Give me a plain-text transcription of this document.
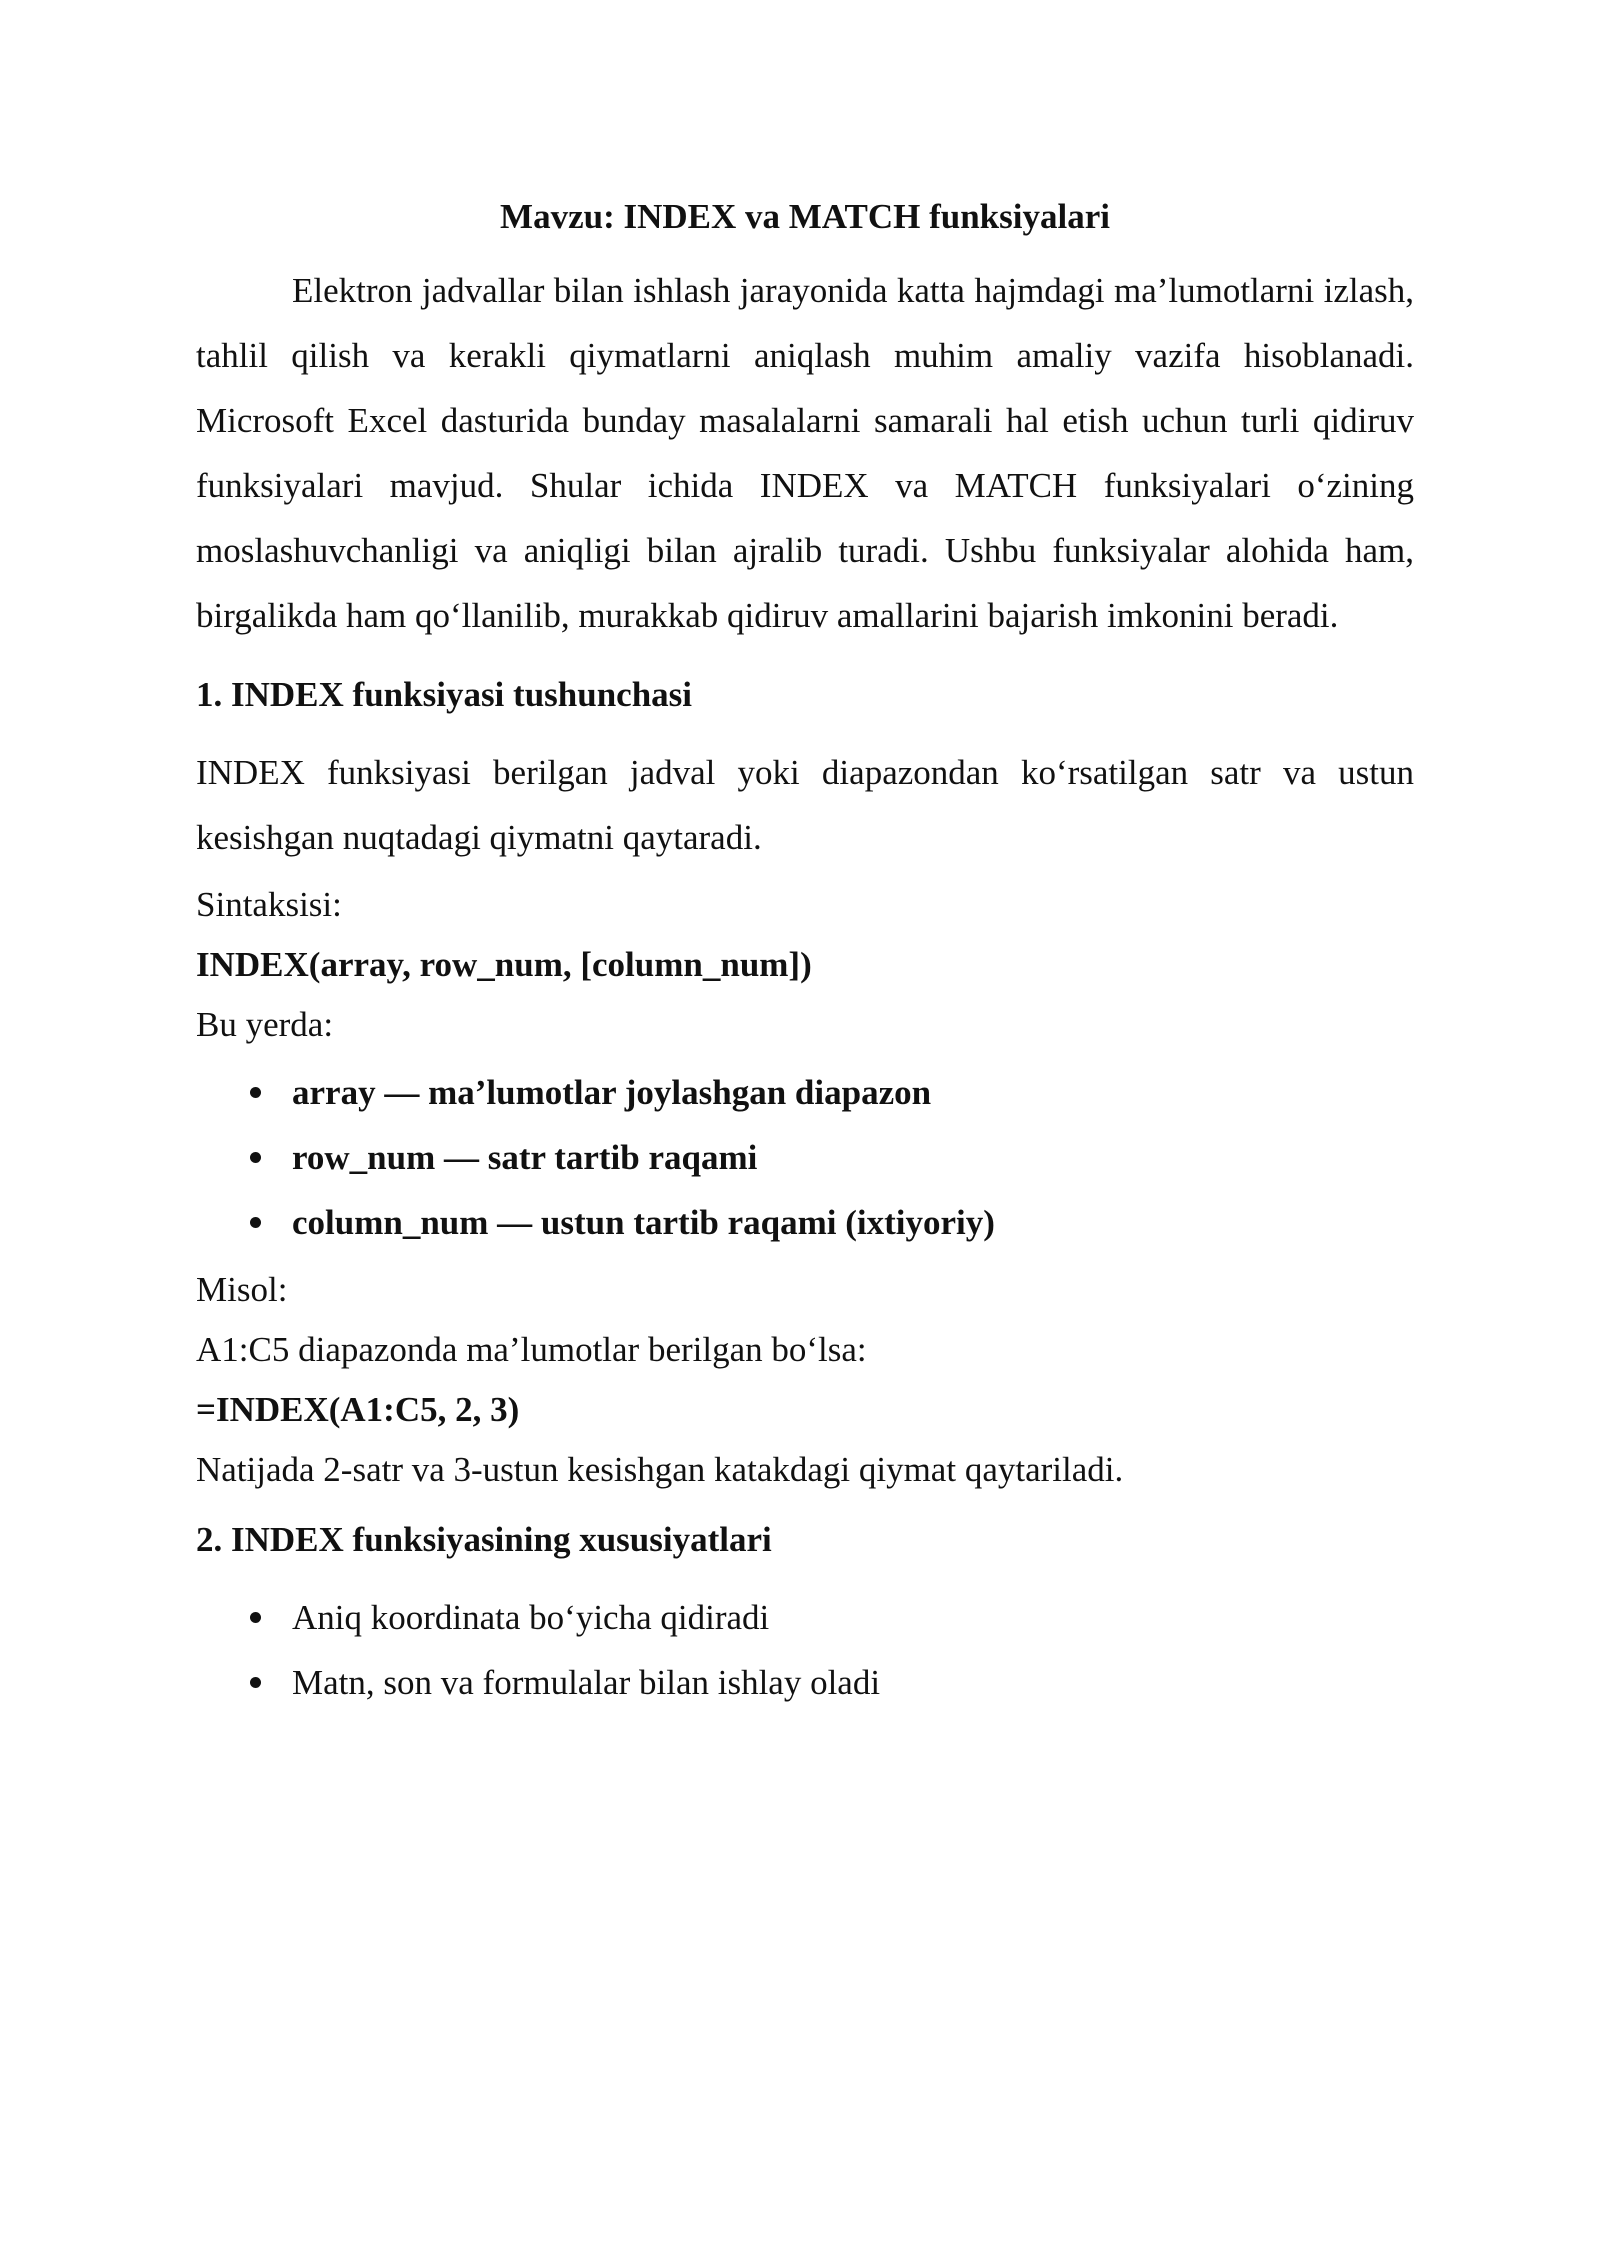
Mavzu: INDEX va MATCH funksiyalari

Elektron jadvallar bilan ishlash jarayonida katta hajmdagi ma’lumotlarni izlash, tahlil qilish va kerakli qiymatlarni aniqlash muhim amaliy vazifa hisoblanadi. Microsoft Excel dasturida bunday masalalarni samarali hal etish uchun turli qidiruv funksiyalari mavjud. Shular ichida INDEX va MATCH funksiyalari o‘zining moslashuvchanligi va aniqligi bilan ajralib turadi. Ushbu funksiyalar alohida ham, birgalikda ham qo‘llanilib, murakkab qidiruv amallarini bajarish imkonini beradi.

1. INDEX funksiyasi tushunchasi

INDEX funksiyasi berilgan jadval yoki diapazondan ko‘rsatilgan satr va ustun kesishgan nuqtadagi qiymatni qaytaradi.

Sintaksisi:

INDEX(array, row_num, [column_num])

Bu yerda:

array — ma’lumotlar joylashgan diapazon
row_num — satr tartib raqami
column_num — ustun tartib raqami (ixtiyoriy)

Misol:

A1:C5 diapazonda ma’lumotlar berilgan bo‘lsa:

=INDEX(A1:C5, 2, 3)

Natijada 2-satr va 3-ustun kesishgan katakdagi qiymat qaytariladi.

2. INDEX funksiyasining xususiyatlari
Aniq koordinata bo‘yicha qidiradi
Matn, son va formulalar bilan ishlay oladi
